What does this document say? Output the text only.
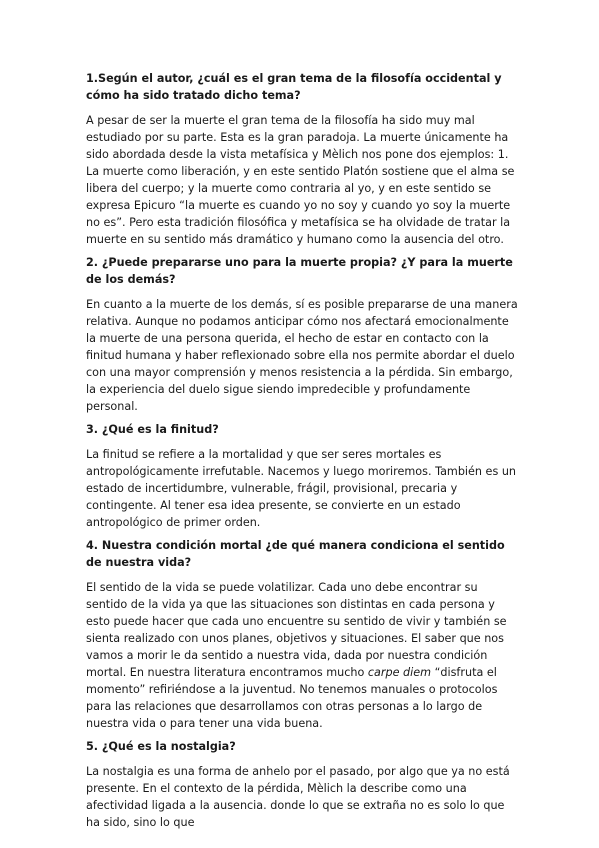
1.Según el autor, ¿cuál es el gran tema de la filosofía occidental y cómo ha sido tratado dicho tema?

A pesar de ser la muerte el gran tema de la filosofía ha sido muy mal estudiado por su parte. Esta es la gran paradoja. La muerte únicamente ha sido abordada desde la vista metafísica y Mèlich nos pone dos ejemplos: 1. La muerte como liberación, y en este sentido Platón sostiene que el alma se libera del cuerpo; y la muerte como contraria al yo, y en este sentido se expresa Epicuro “la muerte es cuando yo no soy y cuando yo soy la muerte no es”. Pero esta tradición filosófica y metafísica se ha olvidade de tratar la muerte en su sentido más dramático y humano como la ausencia del otro.

2. ¿Puede prepararse uno para la muerte propia? ¿Y para la muerte de los demás?

En cuanto a la muerte de los demás, sí es posible prepararse de una manera relativa. Aunque no podamos anticipar cómo nos afectará emocionalmente la muerte de una persona querida, el hecho de estar en contacto con la finitud humana y haber reflexionado sobre ella nos permite abordar el duelo con una mayor comprensión y menos resistencia a la pérdida. Sin embargo, la experiencia del duelo sigue siendo impredecible y profundamente personal.

3. ¿Qué es la finitud?

La finitud se refiere a la mortalidad y que ser seres mortales es antropológicamente irrefutable. Nacemos y luego moriremos. También es un estado de incertidumbre, vulnerable, frágil, provisional, precaria y contingente. Al tener esa idea presente, se convierte en un estado antropológico de primer orden.

4. Nuestra condición mortal ¿de qué manera condiciona el sentido de nuestra vida?

El sentido de la vida se puede volatilizar. Cada uno debe encontrar su sentido de la vida ya que las situaciones son distintas en cada persona y esto puede hacer que cada uno encuentre su sentido de vivir y también se sienta realizado con unos planes, objetivos y situaciones. El saber que nos vamos a morir le da sentido a nuestra vida, dada por nuestra condición mortal. En nuestra literatura encontramos mucho carpe diem “disfruta el momento” refiriéndose a la juventud. No tenemos manuales o protocolos para las relaciones que desarrollamos con otras personas a lo largo de nuestra vida o para tener una vida buena.

5. ¿Qué es la nostalgia?

La nostalgia es una forma de anhelo por el pasado, por algo que ya no está presente. En el contexto de la pérdida, Mèlich la describe como una afectividad ligada a la ausencia. donde lo que se extraña no es solo lo que ha sido, sino lo que
